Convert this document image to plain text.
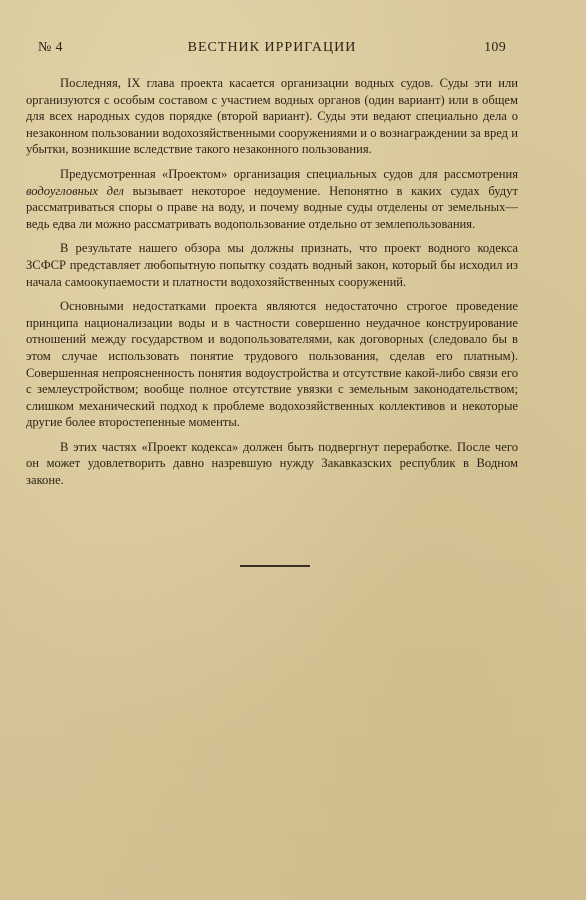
№ 4	ВЕСТНИК ИРРИГАЦИИ	109

Последняя, IX глава проекта касается организации водных судов. Суды эти или организуются с особым составом с участием водных органов (один вариант) или в общем для всех народных судов порядке (второй вариант). Суды эти ведают специально дела о незаконном пользовании водохозяйственными сооружениями и о вознаграждении за вред и убытки, возникшие вследствие такого незаконного пользования.

Предусмотренная «Проектом» организация специальных судов для рассмотрения водоугловных дел вызывает некоторое недоумение. Непонятно в каких судах будут рассматриваться споры о праве на воду, и почему водные суды отделены от земельных—ведь едва ли можно рассматривать водопользование отдельно от землепользования.

В результате нашего обзора мы должны признать, что проект водного кодекса ЗСФСР представляет любопытную попытку создать водный закон, который бы исходил из начала самоокупаемости и платности водохозяйственных сооружений.

Основными недостатками проекта являются недостаточно строгое проведение принципа национализации воды и в частности совершенно неудачное конструирование отношений между государством и водопользователями, как договорных (следовало бы в этом случае использовать понятие трудового пользования, сделав его платным). Совершенная непроясненность понятия водоустройства и отсутствие какой-либо связи его с землеустройством; вообще полное отсутствие увязки с земельным законодательством; слишком механический подход к проблеме водохозяйственных коллективов и некоторые другие более второстепенные моменты.

В этих частях «Проект кодекса» должен быть подвергнут переработке. После чего он может удовлетворить давно назревшую нужду Закавказских республик в Водном законе.
